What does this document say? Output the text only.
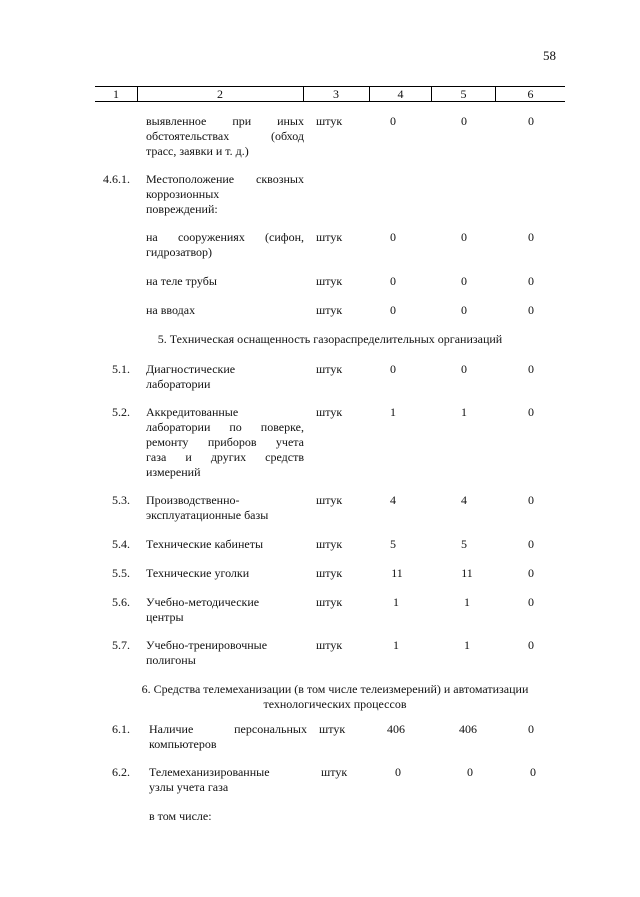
58
1	2	3	4	5	6
выявленное при иных
обстоятельствах (обход
трасс, заявки и т. д.)
штук	0	0	0
4.6.1. Местоположение сквозных
коррозионных
повреждений:
на сооружениях (сифон,
гидрозатвор)
штук	0	0	0
на теле трубы	штук	0	0	0
на вводах	штук	0	0	0
5. Техническая оснащенность газораспределительных организаций
5.1. Диагностические
лаборатории
штук	0	0	0
5.2. Аккредитованные
лаборатории по поверке,
ремонту приборов учета
газа и других средств
измерений
штук	1	1	0
5.3. Производственно-
эксплуатационные базы
штук	4	4	0
5.4. Технические кабинеты	штук	5	5	0
5.5. Технические уголки	штук	11	11	0
5.6. Учебно-методические
центры
штук	1	1	0
5.7. Учебно-тренировочные
полигоны
штук	1	1	0
6. Средства телемеханизации (в том числе телеизмерений) и автоматизации
технологических процессов
6.1. Наличие персональных
компьютеров
штук	406	406	0
6.2. Телемеханизированные
узлы учета газа
штук	0	0	0
в том числе:
